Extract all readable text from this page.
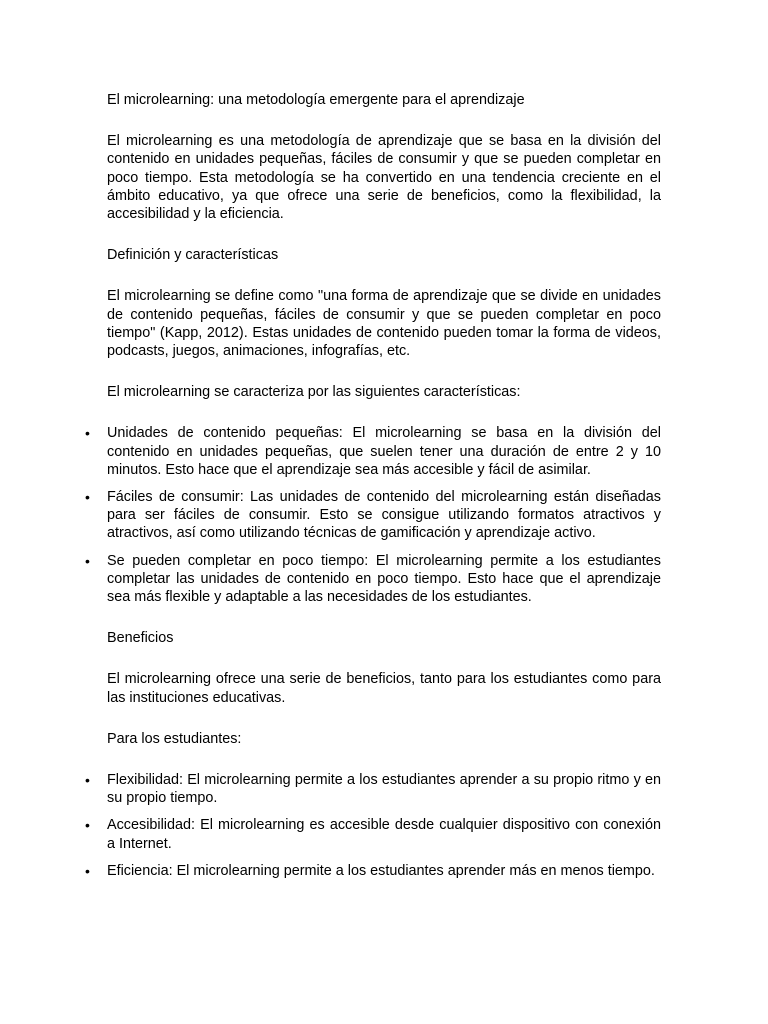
El microlearning: una metodología emergente para el aprendizaje

El microlearning es una metodología de aprendizaje que se basa en la división del contenido en unidades pequeñas, fáciles de consumir y que se pueden completar en poco tiempo. Esta metodología se ha convertido en una tendencia creciente en el ámbito educativo, ya que ofrece una serie de beneficios, como la flexibilidad, la accesibilidad y la eficiencia.

Definición y características

El microlearning se define como "una forma de aprendizaje que se divide en unidades de contenido pequeñas, fáciles de consumir y que se pueden completar en poco tiempo" (Kapp, 2012). Estas unidades de contenido pueden tomar la forma de videos, podcasts, juegos, animaciones, infografías, etc.

El microlearning se caracteriza por las siguientes características:

• Unidades de contenido pequeñas: El microlearning se basa en la división del contenido en unidades pequeñas, que suelen tener una duración de entre 2 y 10 minutos. Esto hace que el aprendizaje sea más accesible y fácil de asimilar.
• Fáciles de consumir: Las unidades de contenido del microlearning están diseñadas para ser fáciles de consumir. Esto se consigue utilizando formatos atractivos y atractivos, así como utilizando técnicas de gamificación y aprendizaje activo.
• Se pueden completar en poco tiempo: El microlearning permite a los estudiantes completar las unidades de contenido en poco tiempo. Esto hace que el aprendizaje sea más flexible y adaptable a las necesidades de los estudiantes.

Beneficios

El microlearning ofrece una serie de beneficios, tanto para los estudiantes como para las instituciones educativas.

Para los estudiantes:

• Flexibilidad: El microlearning permite a los estudiantes aprender a su propio ritmo y en su propio tiempo.
• Accesibilidad: El microlearning es accesible desde cualquier dispositivo con conexión a Internet.
• Eficiencia: El microlearning permite a los estudiantes aprender más en menos tiempo.
